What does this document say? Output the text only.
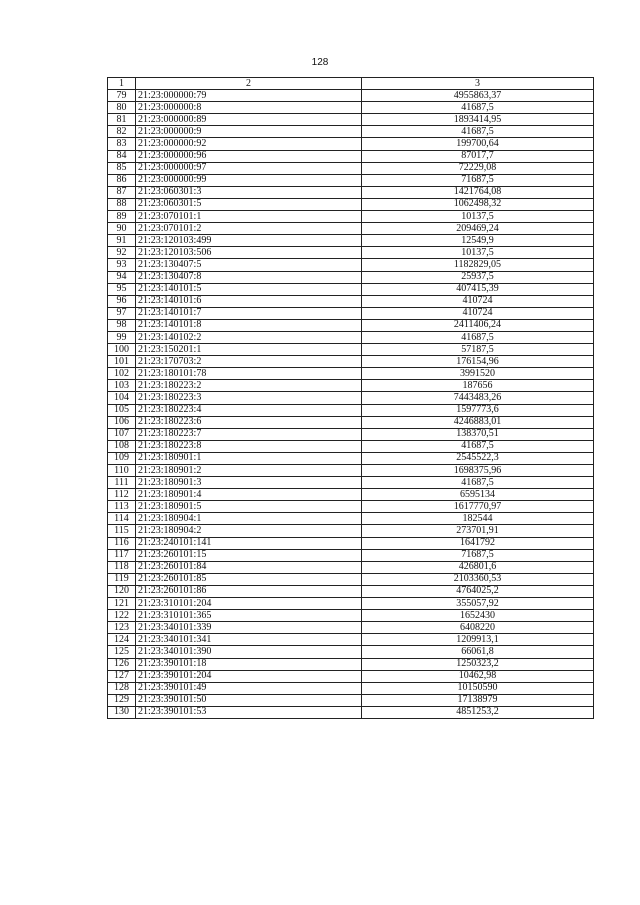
128
1	2	3
79	21:23:000000:79	4955863,37
80	21:23:000000:8	41687,5
81	21:23:000000:89	1893414,95
82	21:23:000000:9	41687,5
83	21:23:000000:92	199700,64
84	21:23:000000:96	87017,7
85	21:23:000000:97	72229,08
86	21:23:000000:99	71687,5
87	21:23:060301:3	1421764,08
88	21:23:060301:5	1062498,32
89	21:23:070101:1	10137,5
90	21:23:070101:2	209469,24
91	21:23:120103:499	12549,9
92	21:23:120103:506	10137,5
93	21:23:130407:5	1182829,05
94	21:23:130407:8	25937,5
95	21:23:140101:5	407415,39
96	21:23:140101:6	410724
97	21:23:140101:7	410724
98	21:23:140101:8	2411406,24
99	21:23:140102:2	41687,5
100	21:23:150201:1	57187,5
101	21:23:170703:2	176154,96
102	21:23:180101:78	3991520
103	21:23:180223:2	187656
104	21:23:180223:3	7443483,26
105	21:23:180223:4	1597773,6
106	21:23:180223:6	4246883,01
107	21:23:180223:7	138370,51
108	21:23:180223:8	41687,5
109	21:23:180901:1	2545522,3
110	21:23:180901:2	1698375,96
111	21:23:180901:3	41687,5
112	21:23:180901:4	6595134
113	21:23:180901:5	1617770,97
114	21:23:180904:1	182544
115	21:23:180904:2	273701,91
116	21:23:240101:141	1641792
117	21:23:260101:15	71687,5
118	21:23:260101:84	426801,6
119	21:23:260101:85	2103360,53
120	21:23:260101:86	4764025,2
121	21:23:310101:204	355057,92
122	21:23:310101:365	1652430
123	21:23:340101:339	6408220
124	21:23:340101:341	1209913,1
125	21:23:340101:390	66061,8
126	21:23:390101:18	1250323,2
127	21:23:390101:204	10462,98
128	21:23:390101:49	10150590
129	21:23:390101:50	17138979
130	21:23:390101:53	4851253,2
